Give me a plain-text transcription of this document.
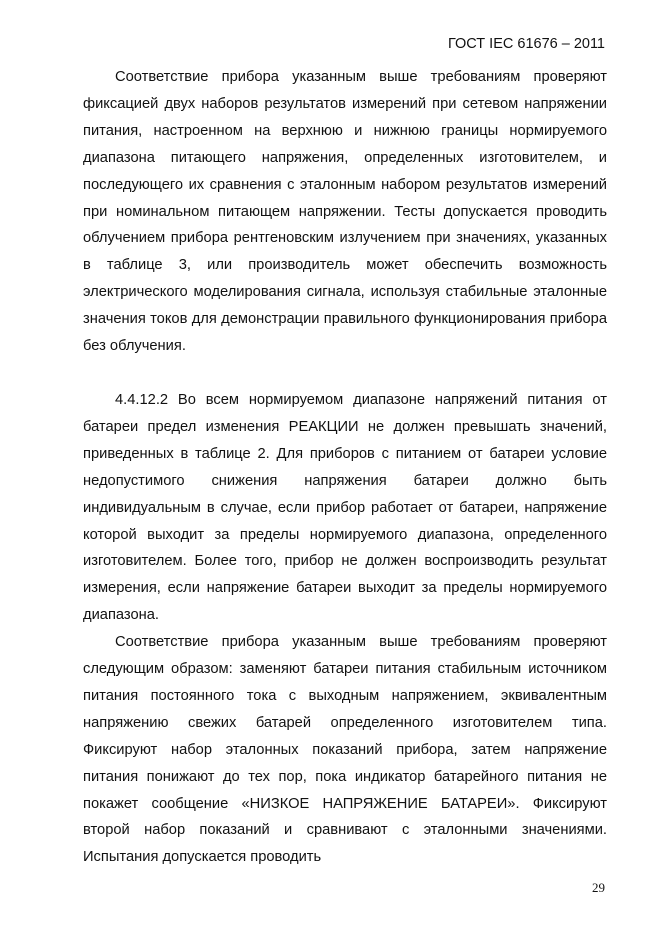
ГОСТ IEC 61676 – 2011

Соответствие прибора указанным выше требованиям проверяют фиксацией двух наборов результатов измерений при сетевом напряжении питания, настроенном на верхнюю и нижнюю границы нормируемого диапазона питающего напряжения, определенных изготовителем, и последующего их сравнения с эталонным набором результатов измерений при номинальном питающем напряжении. Тесты допускается проводить облучением прибора рентгеновским излучением при значениях, указанных в таблице 3, или производитель может обеспечить возможность электрического моделирования сигнала, используя стабильные эталонные значения токов для демонстрации правильного функционирования прибора без облучения.

4.4.12.2 Во всем нормируемом диапазоне напряжений питания от батареи предел изменения РЕАКЦИИ не должен превышать значений, приведенных в таблице 2. Для приборов с питанием от батареи условие недопустимого снижения напряжения батареи должно быть индивидуальным в случае, если прибор работает от батареи, напряжение которой выходит за пределы нормируемого диапазона, определенного изготовителем. Более того, прибор не должен воспроизводить результат измерения, если напряжение батареи выходит за пределы нормируемого диапазона.

Соответствие прибора указанным выше требованиям проверяют следующим образом: заменяют батареи питания стабильным источником питания постоянного тока с выходным напряжением, эквивалентным напряжению свежих батарей определенного изготовителем типа. Фиксируют набор эталонных показаний прибора, затем напряжение питания понижают до тех пор, пока индикатор батарейного питания не покажет сообщение «НИЗКОЕ НАПРЯЖЕНИЕ БАТАРЕИ». Фиксируют второй набор показаний и сравнивают с эталонными значениями. Испытания допускается проводить

29
